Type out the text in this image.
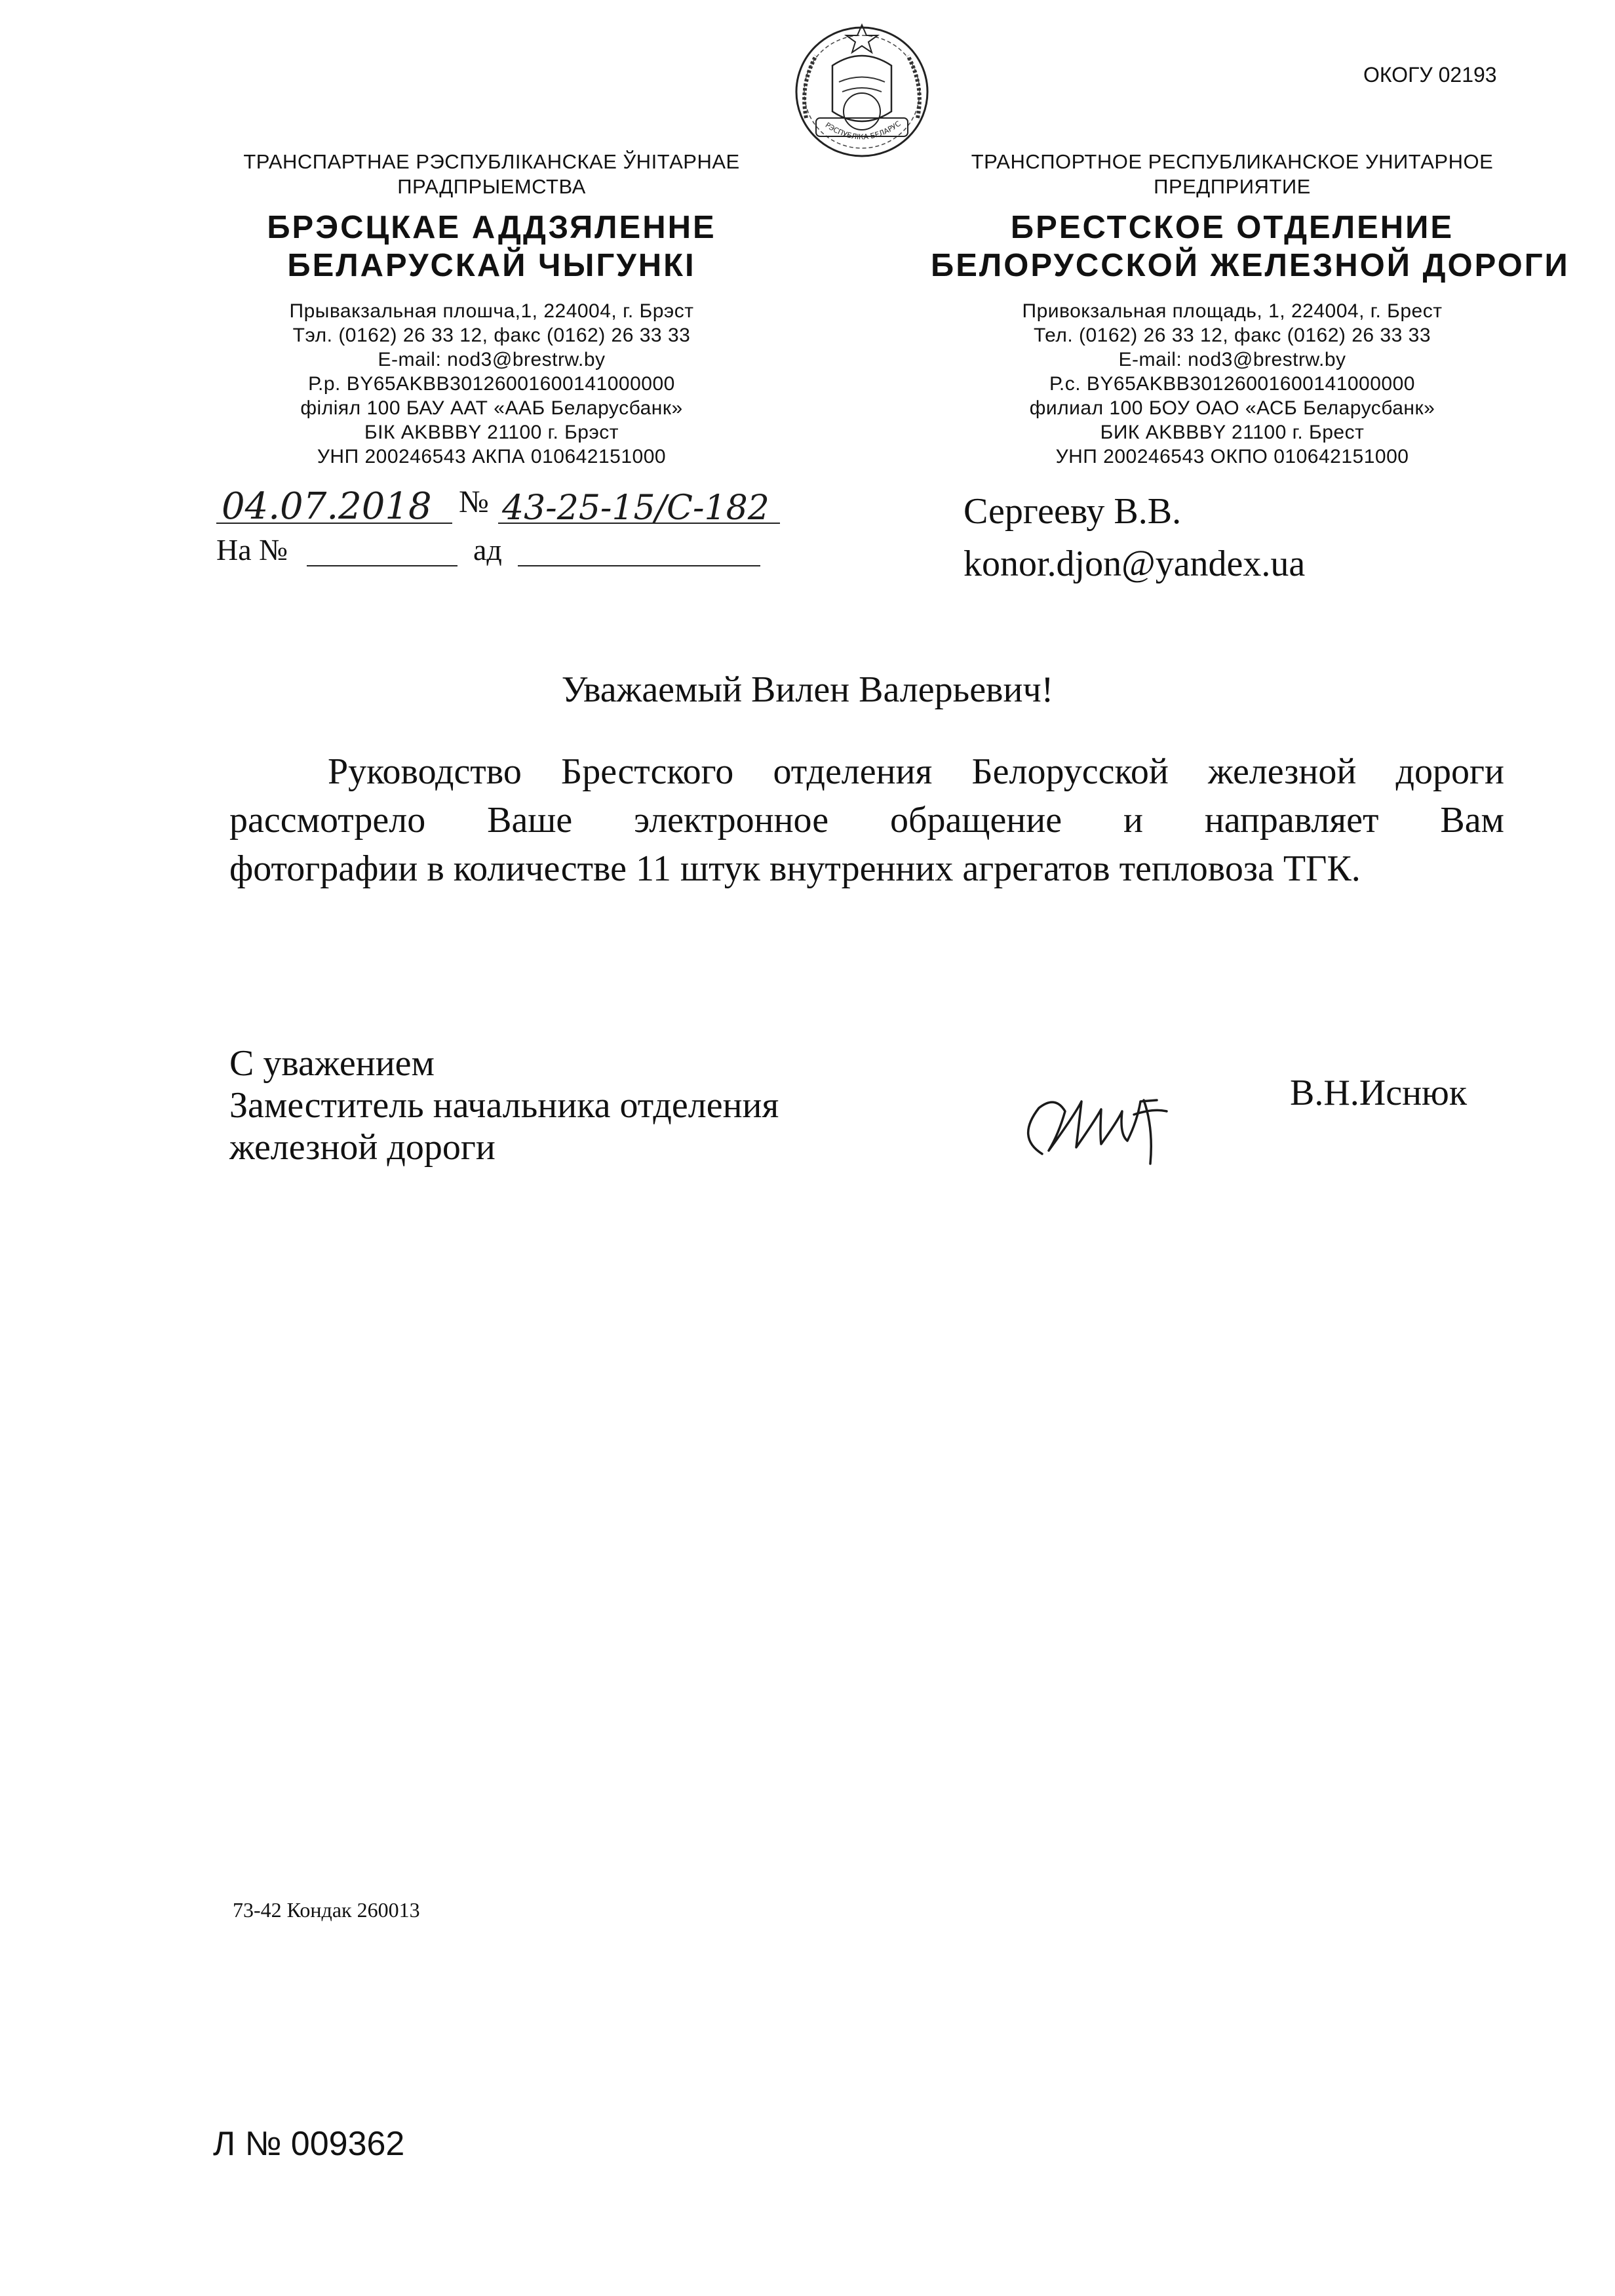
ОКОГУ 02193
РЭСПУБЛІКА БЕЛАРУС
ТРАНСПАРТНАЕ РЭСПУБЛІКАНСКАЕ ЎНІТАРНАЕ
ПРАДПРЫЕМСТВА
БРЭСЦКАЕ АДДЗЯЛЕННЕ
БЕЛАРУСКАЙ ЧЫГУНКІ
Прывакзальная плошча,1, 224004, г. Брэст
Тэл. (0162) 26 33 12, факс (0162) 26 33 33
E-mail: nod3@brestrw.by
Р.р. BY65AKBB30126001600141000000
філіял 100 БАУ ААТ «ААБ Беларусбанк»
БІК AKBBBY 21100 г. Брэст
УНП 200246543 АКПА 010642151000
ТРАНСПОРТНОЕ РЕСПУБЛИКАНСКОЕ УНИТАРНОЕ
ПРЕДПРИЯТИЕ
БРЕСТСКОЕ ОТДЕЛЕНИЕ
БЕЛОРУССКОЙ ЖЕЛЕЗНОЙ ДОРОГИ
Привокзальная площадь, 1, 224004, г. Брест
Тел. (0162) 26 33 12, факс (0162) 26 33 33
E-mail: nod3@brestrw.by
Р.с. BY65AKBB30126001600141000000
филиал 100 БОУ ОАО «АСБ Беларусбанк»
БИК AKBBBY 21100 г. Брест
УНП 200246543 ОКПО 010642151000
04.07.2018 № 43-25-15/С-182
На №	ад
Сергееву В.В.
konor.djon@yandex.ua
Уважаемый Вилен Валерьевич!
Руководство Брестского отделения Белорусской железной дороги
рассмотрело Ваше электронное обращение и направляет Вам
фотографии в количестве 11 штук внутренних агрегатов тепловоза ТГК.
С уважением
Заместитель начальника отделения
железной дороги
В.Н.Иснюк
73-42 Кондак 260013
Л № 009362
